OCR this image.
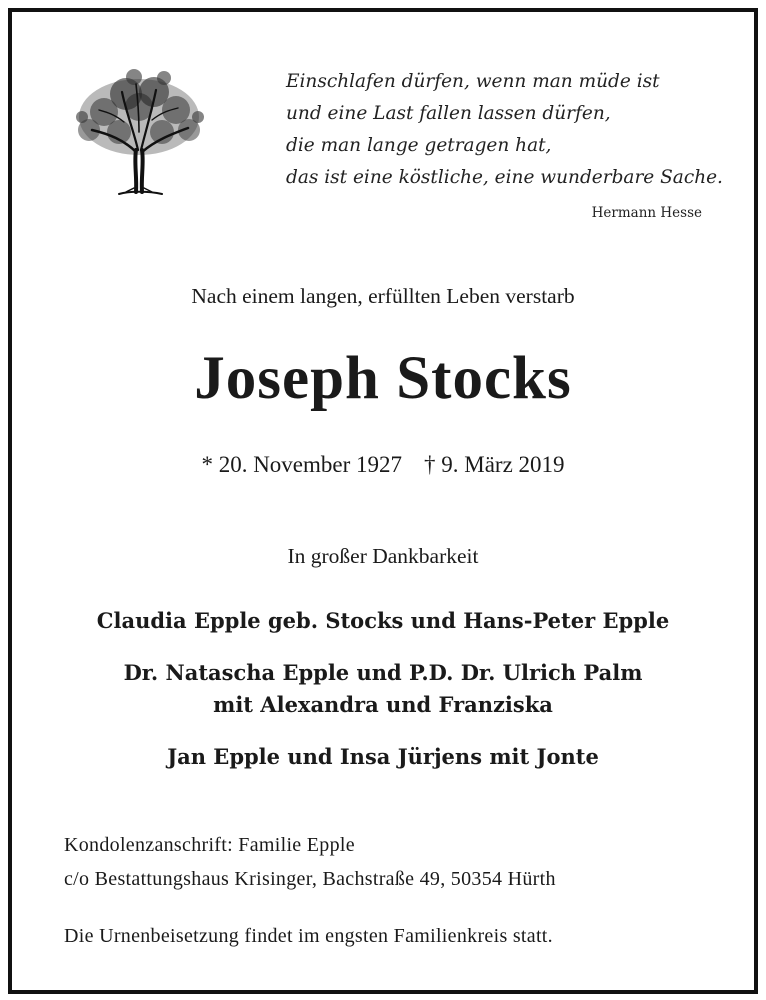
Einschlafen dürfen, wenn man müde ist
und eine Last fallen lassen dürfen,
die man lange getragen hat,
das ist eine köstliche, eine wunderbare Sache.
Hermann Hesse
Nach einem langen, erfüllten Leben verstarb
Joseph Stocks
* 20. November 1927 † 9. März 2019
In großer Dankbarkeit
Claudia Epple geb. Stocks und Hans-Peter Epple
Dr. Natascha Epple und P.D. Dr. Ulrich Palm
mit Alexandra und Franziska
Jan Epple und Insa Jürjens mit Jonte
Kondolenzanschrift: Familie Epple
c/o Bestattungshaus Krisinger, Bachstraße 49, 50354 Hürth
Die Urnenbeisetzung findet im engsten Familienkreis statt.
